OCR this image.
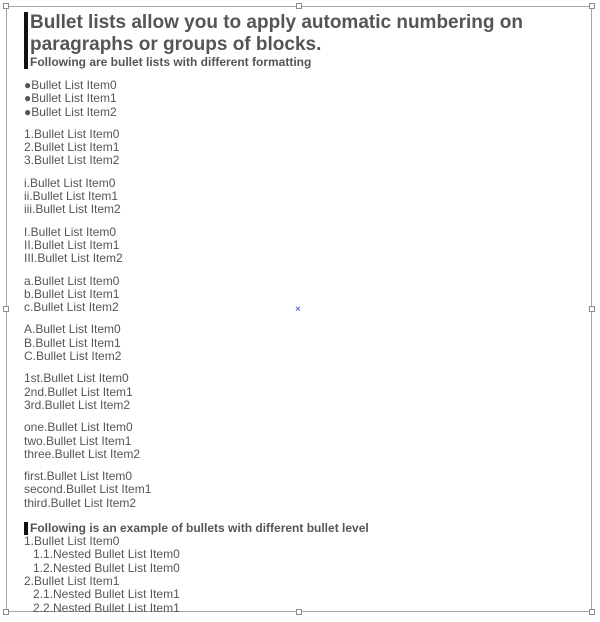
×
Bullet lists allow you to apply automatic numbering on paragraphs or groups of blocks.
Following are bullet lists with different formatting
●Bullet List Item0
●Bullet List Item1
●Bullet List Item2
1.Bullet List Item0
2.Bullet List Item1
3.Bullet List Item2
i.Bullet List Item0
ii.Bullet List Item1
iii.Bullet List Item2
I.Bullet List Item0
II.Bullet List Item1
III.Bullet List Item2
a.Bullet List Item0
b.Bullet List Item1
c.Bullet List Item2
A.Bullet List Item0
B.Bullet List Item1
C.Bullet List Item2
1st.Bullet List Item0
2nd.Bullet List Item1
3rd.Bullet List Item2
one.Bullet List Item0
two.Bullet List Item1
three.Bullet List Item2
first.Bullet List Item0
second.Bullet List Item1
third.Bullet List Item2
Following is an example of bullets with different bullet level
1.Bullet List Item0
1.1.Nested Bullet List Item0
1.2.Nested Bullet List Item0
2.Bullet List Item1
2.1.Nested Bullet List Item1
2.2.Nested Bullet List Item1
